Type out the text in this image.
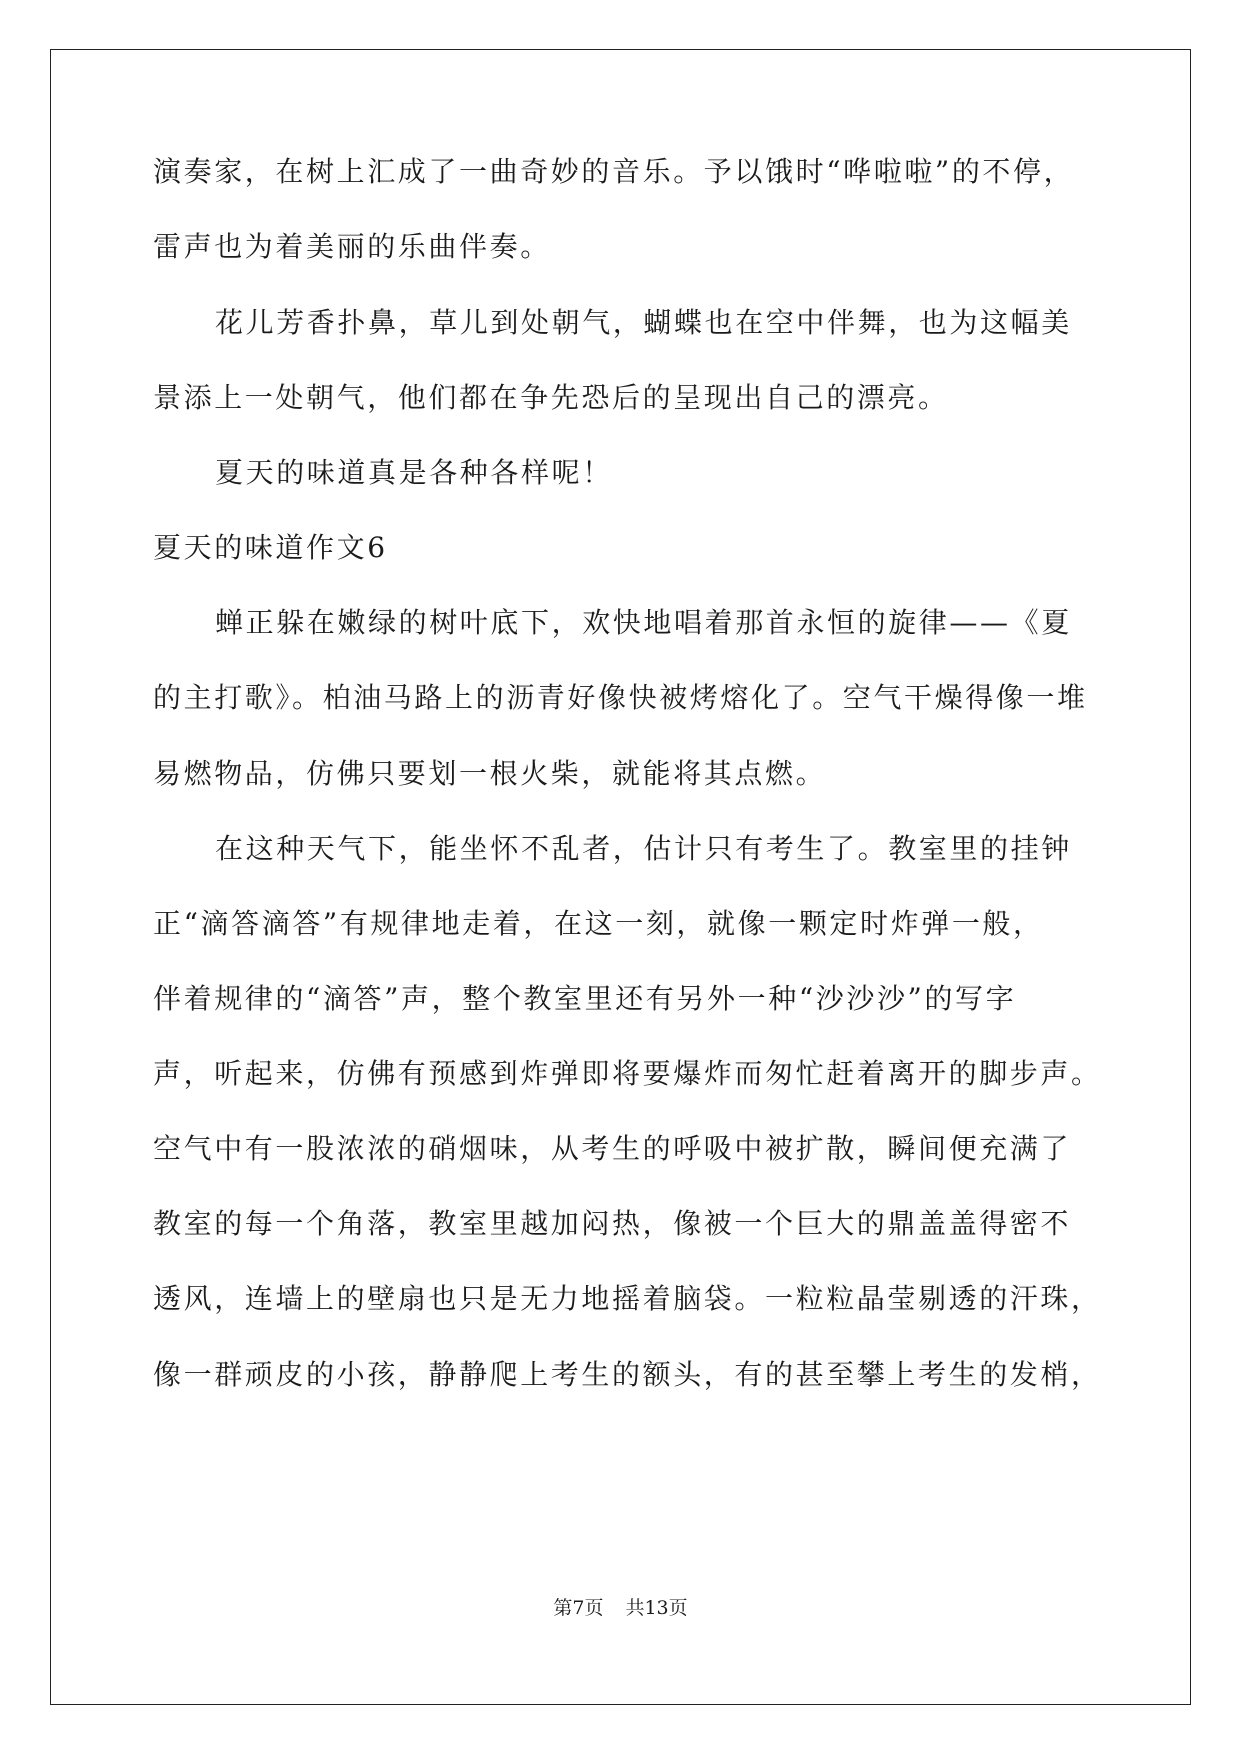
演奏家，在树上汇成了一曲奇妙的音乐。予以饿时“哗啦啦”的不停，
雷声也为着美丽的乐曲伴奏。
花儿芳香扑鼻，草儿到处朝气，蝴蝶也在空中伴舞，也为这幅美
景添上一处朝气，他们都在争先恐后的呈现出自己的漂亮。
夏天的味道真是各种各样呢！
夏天的味道作文6
蝉正躲在嫩绿的树叶底下，欢快地唱着那首永恒的旋律——《夏
的主打歌》。柏油马路上的沥青好像快被烤熔化了。空气干燥得像一堆
易燃物品，仿佛只要划一根火柴，就能将其点燃。
在这种天气下，能坐怀不乱者，估计只有考生了。教室里的挂钟
正“滴答滴答”有规律地走着，在这一刻，就像一颗定时炸弹一般，
伴着规律的“滴答”声，整个教室里还有另外一种“沙沙沙”的写字
声，听起来，仿佛有预感到炸弹即将要爆炸而匆忙赶着离开的脚步声。
空气中有一股浓浓的硝烟味，从考生的呼吸中被扩散，瞬间便充满了
教室的每一个角落，教室里越加闷热，像被一个巨大的鼎盖盖得密不
透风，连墙上的壁扇也只是无力地摇着脑袋。一粒粒晶莹剔透的汗珠，
像一群顽皮的小孩，静静爬上考生的额头，有的甚至攀上考生的发梢，
第7页 共13页
